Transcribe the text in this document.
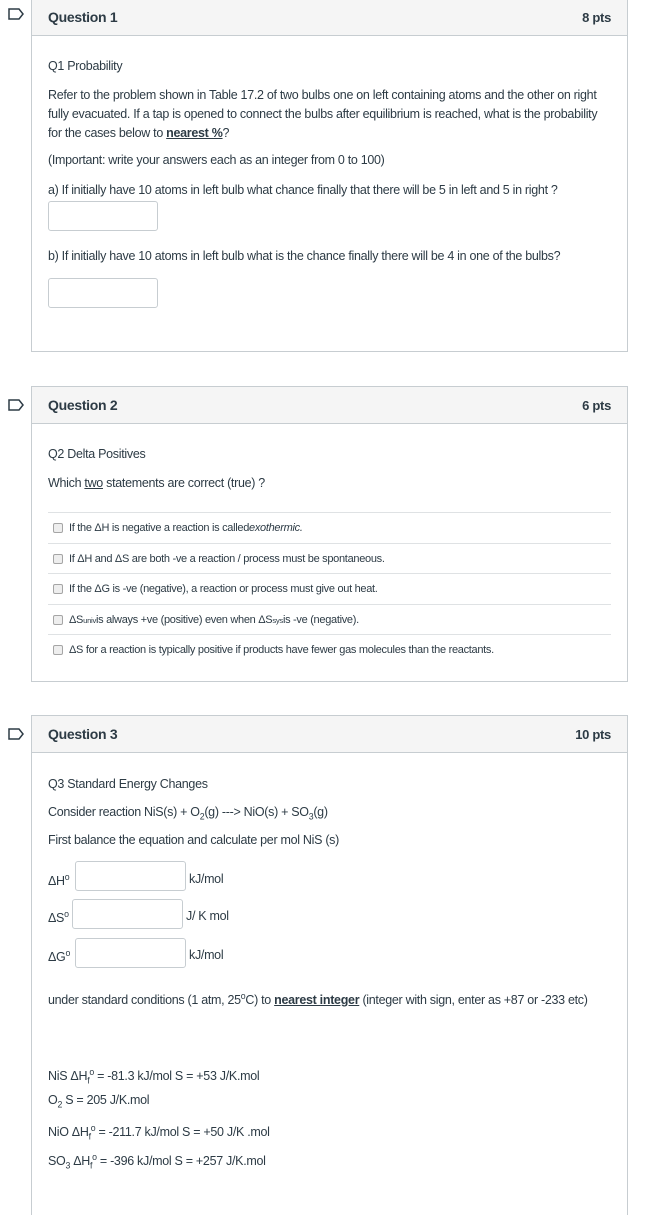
Question 1	8 pts
Q1 Probability
Refer to the problem shown in Table 17.2 of two bulbs one on left containing atoms and the other on right fully evacuated. If a tap is opened to connect the bulbs after equilibrium is reached, what is the probability for the cases below to nearest %?
(Important: write your answers each as an integer from 0 to 100)
a) If initially have 10 atoms in left bulb what chance finally that there will be 5 in left and 5 in right ?
b) If initially have 10 atoms in left bulb what is the chance finally there will be 4 in one of the bulbs?
Question 2	6 pts
Q2 Delta Positives
Which two statements are correct (true) ?
If the ΔH is negative a reaction is called exothermic.
If ΔH and ΔS are both -ve a reaction / process must be spontaneous.
If the ΔG is -ve (negative), a reaction or process must give out heat.
ΔS univ is always +ve (positive) even when ΔS sys is -ve (negative).
ΔS for a reaction is typically positive if products have fewer gas molecules than the reactants.
Question 3	10 pts
Q3 Standard Energy Changes
Consider reaction $NiS(s) + O_2(g)$ ---> $NiO(s) + SO_3(g)$
First balance the equation and calculate per mol NiS (s)
$\Delta H^o$	kJ/mol
$\Delta S^o$	J/ K mol
$\Delta G^o$	kJ/mol
under standard conditions (1 atm, 25$^o$C) to nearest integer (integer with sign, enter as +87 or -233 etc)
NiS $\Delta H_f^o = -81.3$ kJ/mol S = +53 J/K.mol
$O_2$ S = 205 J/K.mol
NiO $\Delta H_f^o = -211.7$ kJ/mol S = +50 J/K .mol
$SO_3$ $\Delta H_f^o = -396$ kJ/mol S = +257 J/K.mol
